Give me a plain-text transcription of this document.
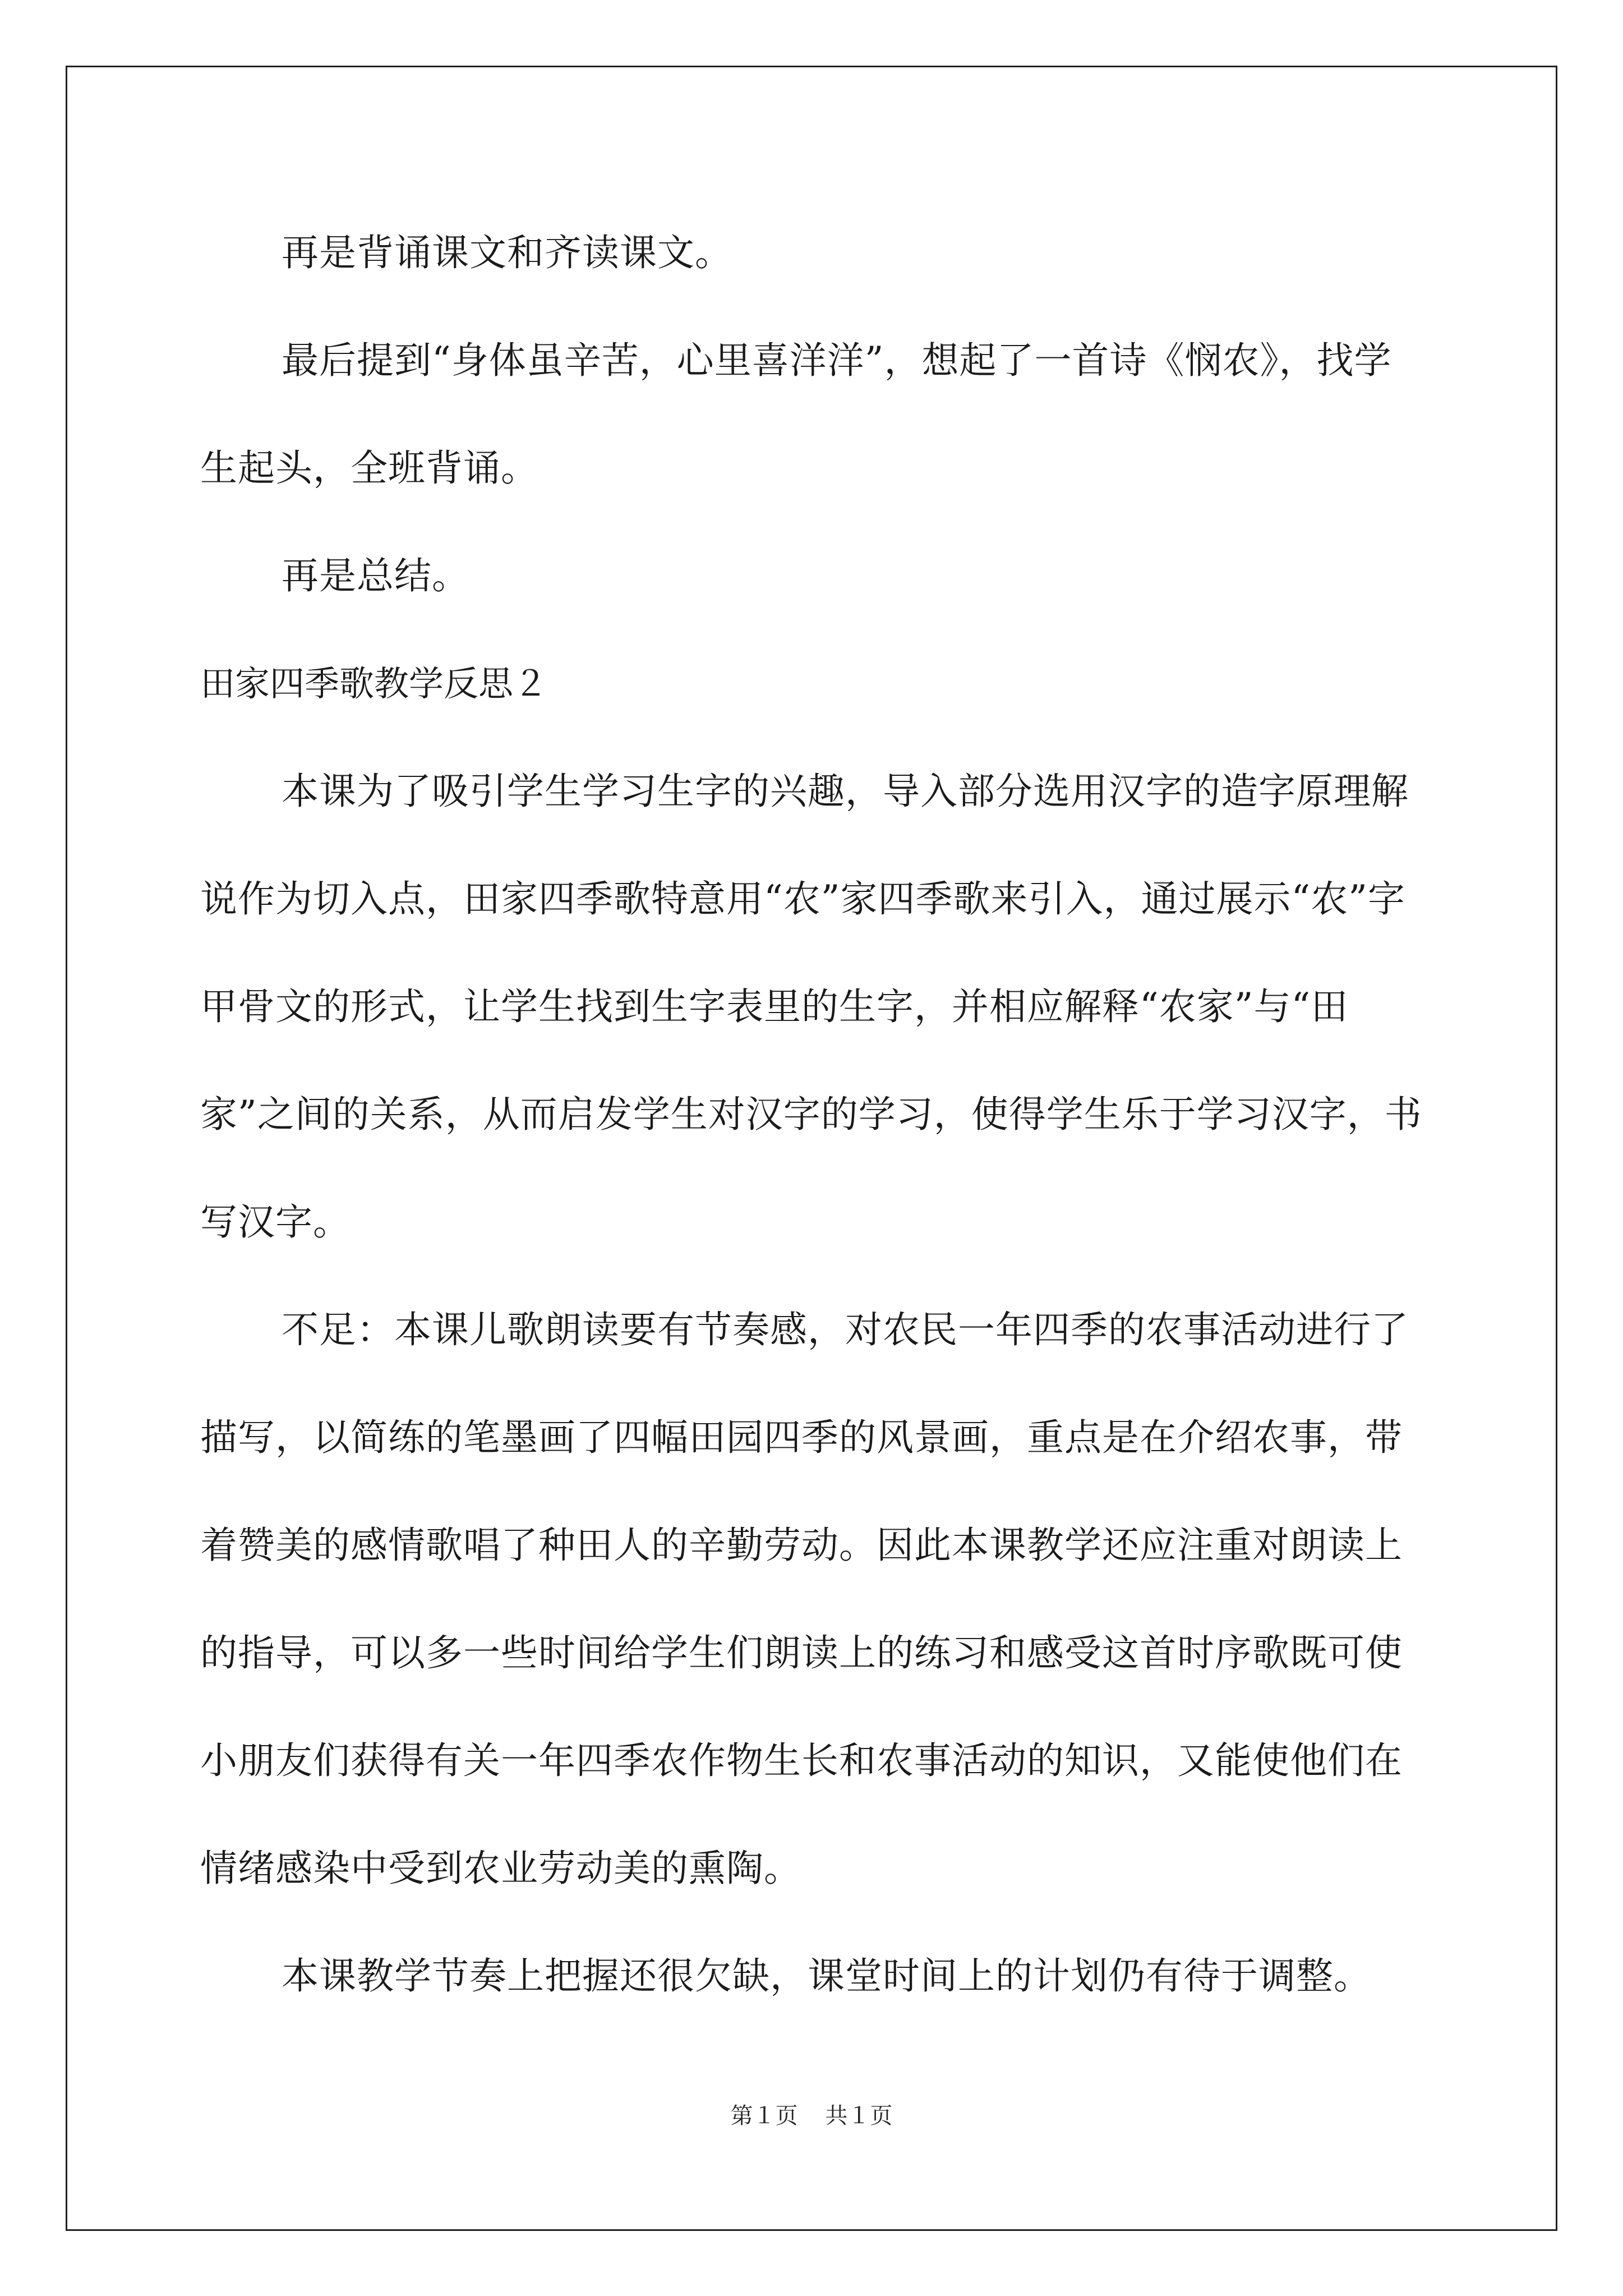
再是背诵课文和齐读课文。

最后提到“身体虽辛苦，心里喜洋洋”，想起了一首诗《悯农》，找学生起头，全班背诵。

再是总结。

田家四季歌教学反思２

本课为了吸引学生学习生字的兴趣，导入部分选用汉字的造字原理解说作为切入点，田家四季歌特意用“农”家四季歌来引入，通过展示“农”字甲骨文的形式，让学生找到生字表里的生字，并相应解释“农家”与“田家”之间的关系，从而启发学生对汉字的学习，使得学生乐于学习汉字，书写汉字。

不足：本课儿歌朗读要有节奏感，对农民一年四季的农事活动进行了描写，以简练的笔墨画了四幅田园四季的风景画，重点是在介绍农事，带着赞美的感情歌唱了种田人的辛勤劳动。因此本课教学还应注重对朗读上的指导，可以多一些时间给学生们朗读上的练习和感受这首时序歌既可使小朋友们获得有关一年四季农作物生长和农事活动的知识，又能使他们在情绪感染中受到农业劳动美的熏陶。

本课教学节奏上把握还很欠缺，课堂时间上的计划仍有待于调整。

第１页 共１页
